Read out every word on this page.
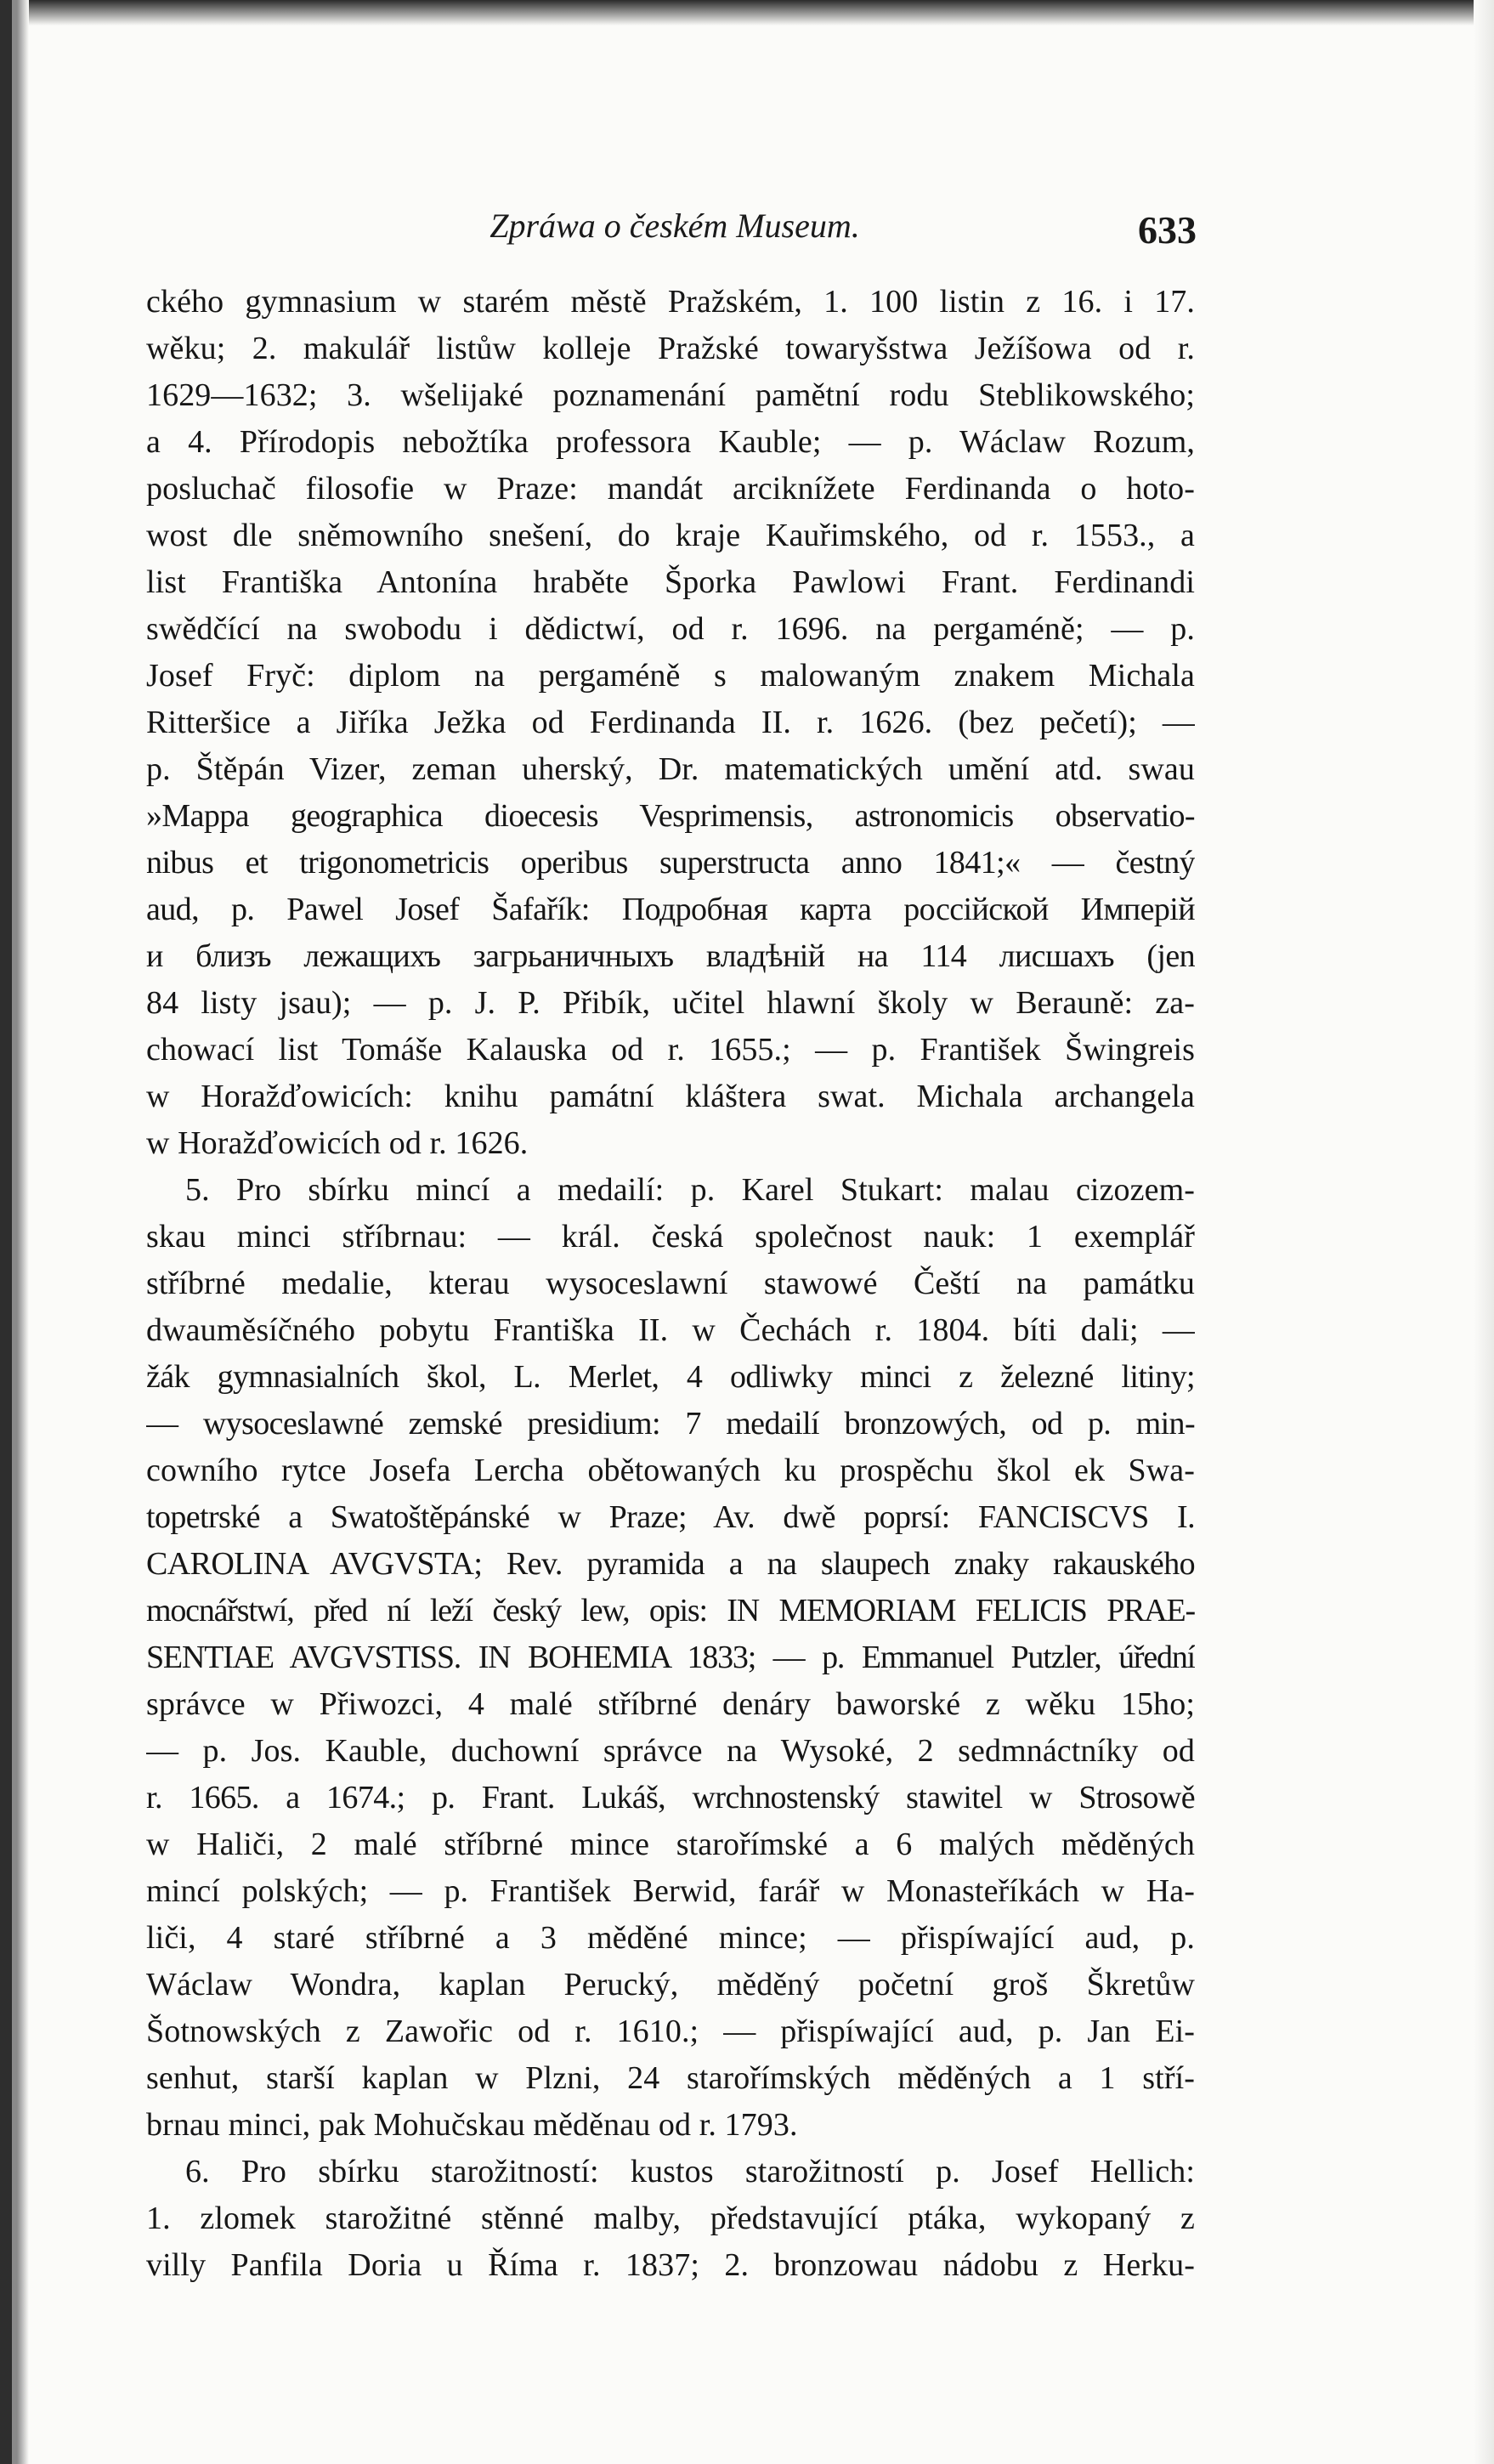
Zpráwa o českém Museum.	633
ckého gymnasium w starém městě Pražském, 1. 100 listin z 16. i 17.
wěku; 2. makulář listůw kolleje Pražské towaryšstwa Ježíšowa od r.
1629—1632; 3. wšelijaké poznamenání pamětní rodu Steblikowského;
a 4. Přírodopis nebožtíka professora Kauble; — p. Wáclaw Rozum,
posluchač filosofie w Praze: mandát arciknížete Ferdinanda o hoto-
wost dle sněmowního snešení, do kraje Kauřimského, od r. 1553., a
list Františka Antonína hraběte Šporka Pawlowi Frant. Ferdinandi
swědčící na swobodu i dědictwí, od r. 1696. na pergaméně; — p.
Josef Fryč: diplom na pergaméně s malowaným znakem Michala
Ritteršice a Jiříka Ježka od Ferdinanda II. r. 1626. (bez pečetí); —
p. Štěpán Vizer, zeman uherský, Dr. matematických umění atd. swau
»Mappa geographica dioecesis Vesprimensis, astronomicis observatio-
nibus et trigonometricis operibus superstructa anno 1841;« — čestný
aud, p. Pawel Josef Šafařík: Подробная карта россійской Имперій
и близъ лежащихъ загрьаничныхъ владѣній на 114 лисшахъ (jen
84 listy jsau); — p. J. P. Přibík, učitel hlawní školy w Berauně: za-
chowací list Tomáše Kalauska od r. 1655.; — p. František Šwingreis
w Horažďowicích: knihu památní kláštera swat. Michala archangela
w Horažďowicích od r. 1626.
5. Pro sbírku mincí a medailí: p. Karel Stukart: malau cizozem-
skau minci stříbrnau: — král. česká společnost nauk: 1 exemplář
stříbrné medalie, kterau wysoceslawní stawowé Čeští na památku
dwauměsíčného pobytu Františka II. w Čechách r. 1804. bíti dali; —
žák gymnasialních škol, L. Merlet, 4 odliwky minci z železné litiny;
— wysoceslawné zemské presidium: 7 medailí bronzowých, od p. min-
cowního rytce Josefa Lercha obětowaných ku prospěchu škol ek Swa-
topetrské a Swatoštěpánské w Praze; Av. dwě poprsí: FANCISCVS I.
CAROLINA AVGVSTA; Rev. pyramida a na slaupech znaky rakauského
mocnářstwí, před ní leží český lew, opis: IN MEMORIAM FELICIS PRAE-
SENTIAE AVGVSTISS. IN BOHEMIA 1833; — p. Emmanuel Putzler, úřední
správce w Přiwozci, 4 malé stříbrné denáry baworské z wěku 15ho;
— p. Jos. Kauble, duchowní správce na Wysoké, 2 sedmnáctníky od
r. 1665. a 1674.; p. Frant. Lukáš, wrchnostenský stawitel w Strosowě
w Haliči, 2 malé stříbrné mince starořímské a 6 malých měděných
mincí polských; — p. František Berwid, farář w Monasteříkách w Ha-
liči, 4 staré stříbrné a 3 měděné mince; — přispíwající aud, p.
Wáclaw Wondra, kaplan Perucký, měděný početní groš Škretůw
Šotnowských z Zawořic od r. 1610.; — přispíwající aud, p. Jan Ei-
senhut, starší kaplan w Plzni, 24 starořímských měděných a 1 stří-
brnau minci, pak Mohučskau měděnau od r. 1793.
6. Pro sbírku starožitností: kustos starožitností p. Josef Hellich:
1. zlomek starožitné stěnné malby, představující ptáka, wykopaný z
villy Panfila Doria u Říma r. 1837; 2. bronzowau nádobu z Herku-
